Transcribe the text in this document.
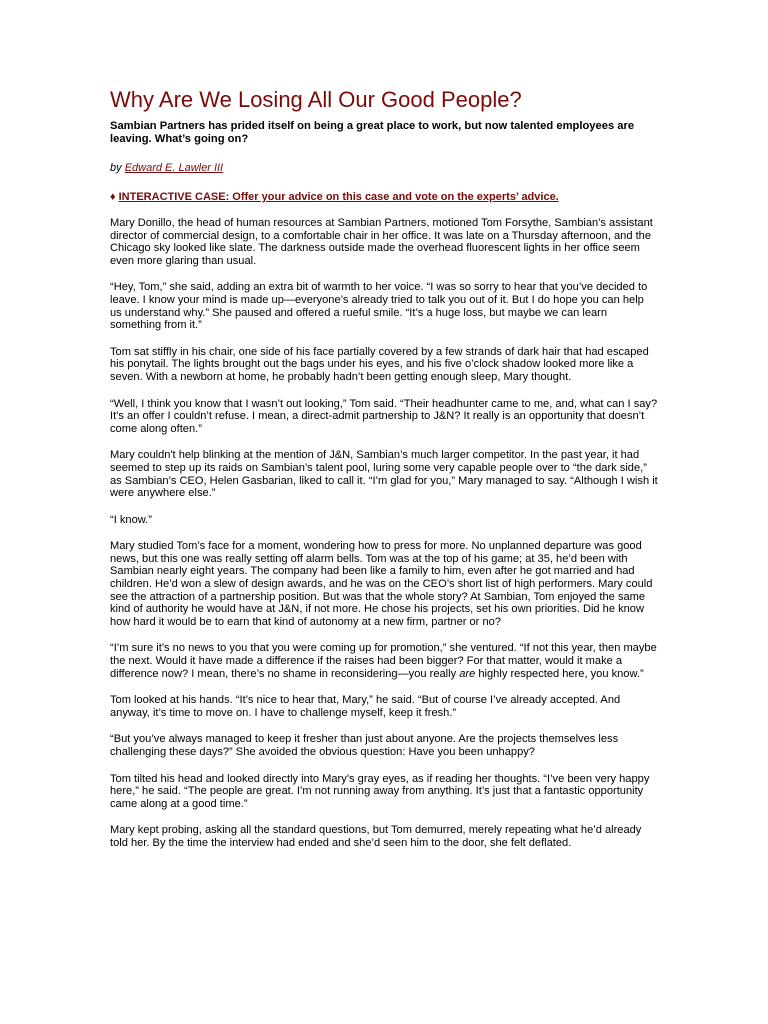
Why Are We Losing All Our Good People?
Sambian Partners has prided itself on being a great place to work, but now talented employees are leaving. What’s going on?
by Edward E. Lawler III
♦ INTERACTIVE CASE: Offer your advice on this case and vote on the experts’ advice.

Mary Donillo, the head of human resources at Sambian Partners, motioned Tom Forsythe, Sambian’s assistant director of commercial design, to a comfortable chair in her office. It was late on a Thursday afternoon, and the Chicago sky looked like slate. The darkness outside made the overhead fluorescent lights in her office seem even more glaring than usual.

“Hey, Tom,” she said, adding an extra bit of warmth to her voice. “I was so sorry to hear that you’ve decided to leave. I know your mind is made up—everyone’s already tried to talk you out of it. But I do hope you can help us understand why.” She paused and offered a rueful smile. “It’s a huge loss, but maybe we can learn something from it.”

Tom sat stiffly in his chair, one side of his face partially covered by a few strands of dark hair that had escaped his ponytail. The lights brought out the bags under his eyes, and his five o’clock shadow looked more like a seven. With a newborn at home, he probably hadn’t been getting enough sleep, Mary thought.

“Well, I think you know that I wasn’t out looking,” Tom said. “Their headhunter came to me, and, what can I say? It’s an offer I couldn’t refuse. I mean, a direct-admit partnership to J&N? It really is an opportunity that doesn’t come along often.”

Mary couldn't help blinking at the mention of J&N, Sambian’s much larger competitor. In the past year, it had seemed to step up its raids on Sambian’s talent pool, luring some very capable people over to “the dark side,” as Sambian’s CEO, Helen Gasbarian, liked to call it. “I’m glad for you,” Mary managed to say. “Although I wish it were anywhere else.”

“I know.”

Mary studied Tom’s face for a moment, wondering how to press for more. No unplanned departure was good news, but this one was really setting off alarm bells. Tom was at the top of his game; at 35, he’d been with Sambian nearly eight years. The company had been like a family to him, even after he got married and had children. He’d won a slew of design awards, and he was on the CEO’s short list of high performers. Mary could see the attraction of a partnership position. But was that the whole story? At Sambian, Tom enjoyed the same kind of authority he would have at J&N, if not more. He chose his projects, set his own priorities. Did he know how hard it would be to earn that kind of autonomy at a new firm, partner or no?

“I’m sure it’s no news to you that you were coming up for promotion,” she ventured. “If not this year, then maybe the next. Would it have made a difference if the raises had been bigger? For that matter, would it make a difference now? I mean, there’s no shame in reconsidering—you really are highly respected here, you know.”

Tom looked at his hands. “It’s nice to hear that, Mary,” he said. “But of course I’ve already accepted. And anyway, it’s time to move on. I have to challenge myself, keep it fresh.”

“But you’ve always managed to keep it fresher than just about anyone. Are the projects themselves less challenging these days?” She avoided the obvious question: Have you been unhappy?

Tom tilted his head and looked directly into Mary’s gray eyes, as if reading her thoughts. “I’ve been very happy here,” he said. “The people are great. I’m not running away from anything. It’s just that a fantastic opportunity came along at a good time.”

Mary kept probing, asking all the standard questions, but Tom demurred, merely repeating what he’d already told her. By the time the interview had ended and she’d seen him to the door, she felt deflated.
